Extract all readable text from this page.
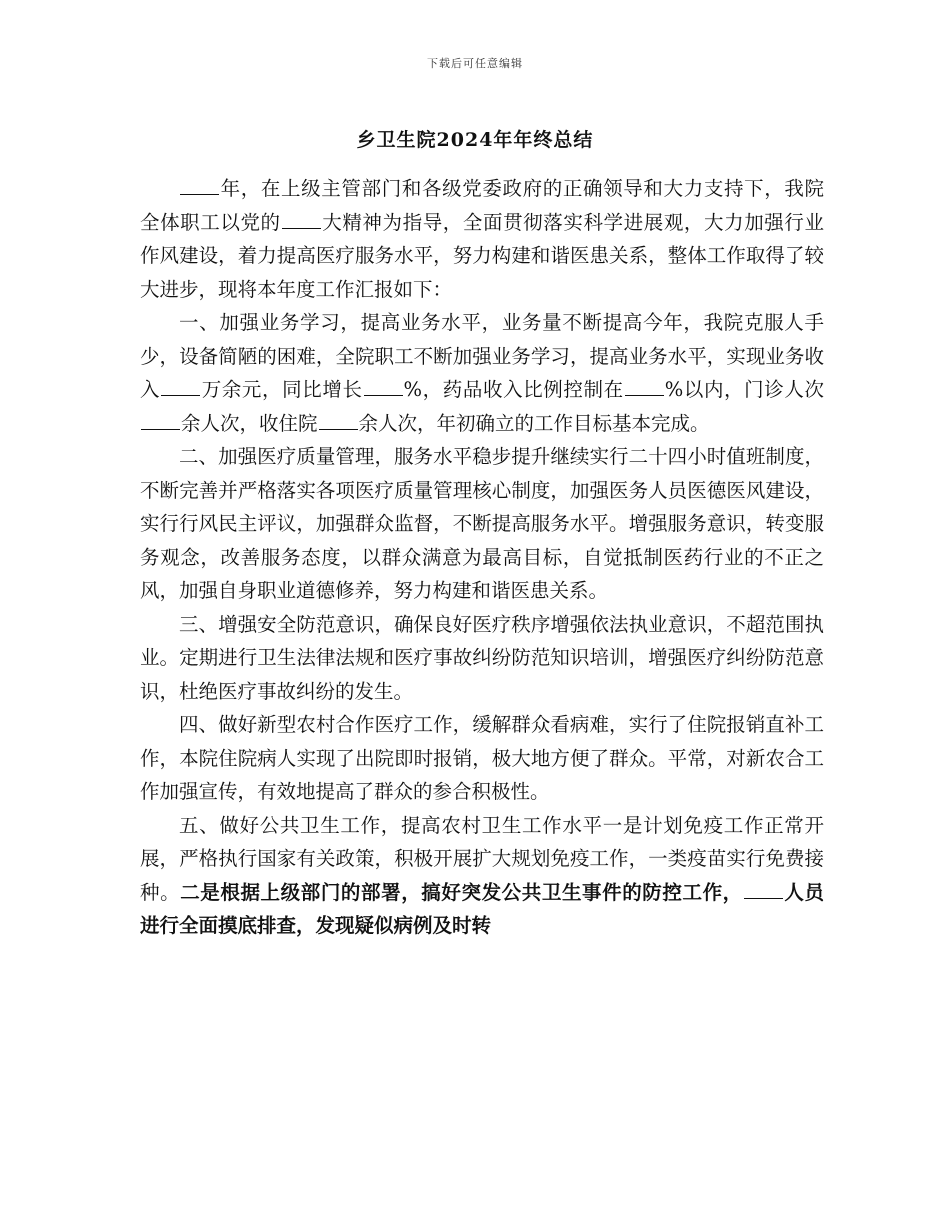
下载后可任意编辑
乡卫生院2024年年终总结

年，在上级主管部门和各级党委政府的正确领导和大力支持下，我院全体职工以党的 大精神为指导，全面贯彻落实科学进展观，大力加强行业作风建设，着力提高医疗服务水平，努力构建和谐医患关系，整体工作取得了较大进步，现将本年度工作汇报如下：

一、加强业务学习，提高业务水平，业务量不断提高今年，我院克服人手少，设备简陋的困难，全院职工不断加强业务学习，提高业务水平，实现业务收入 万余元，同比增长 %，药品收入比例控制在 %以内，门诊人次余人次，收住院 余人次，年初确立的工作目标基本完成。

二、加强医疗质量管理，服务水平稳步提升继续实行二十四小时值班制度，不断完善并严格落实各项医疗质量管理核心制度，加强医务人员医德医风建设，实行行风民主评议，加强群众监督，不断提高服务水平。增强服务意识，转变服务观念，改善服务态度，以群众满意为最高目标，自觉抵制医药行业的不正之风，加强自身职业道德修养，努力构建和谐医患关系。

三、增强安全防范意识，确保良好医疗秩序增强依法执业意识，不超范围执业。定期进行卫生法律法规和医疗事故纠纷防范知识培训，增强医疗纠纷防范意识，杜绝医疗事故纠纷的发生。

四、做好新型农村合作医疗工作，缓解群众看病难，实行了住院报销直补工作，本院住院病人实现了出院即时报销，极大地方便了群众。平常，对新农合工作加强宣传，有效地提高了群众的参合积极性。

五、做好公共卫生工作，提高农村卫生工作水平一是计划免疫工作正常开展，严格执行国家有关政策，积极开展扩大规划免疫工作，一类疫苗实行免费接种。二是根据上级部门的部署，搞好突发公共卫生事件的防控工作， 人员进行全面摸底排查，发现疑似病例及时转
